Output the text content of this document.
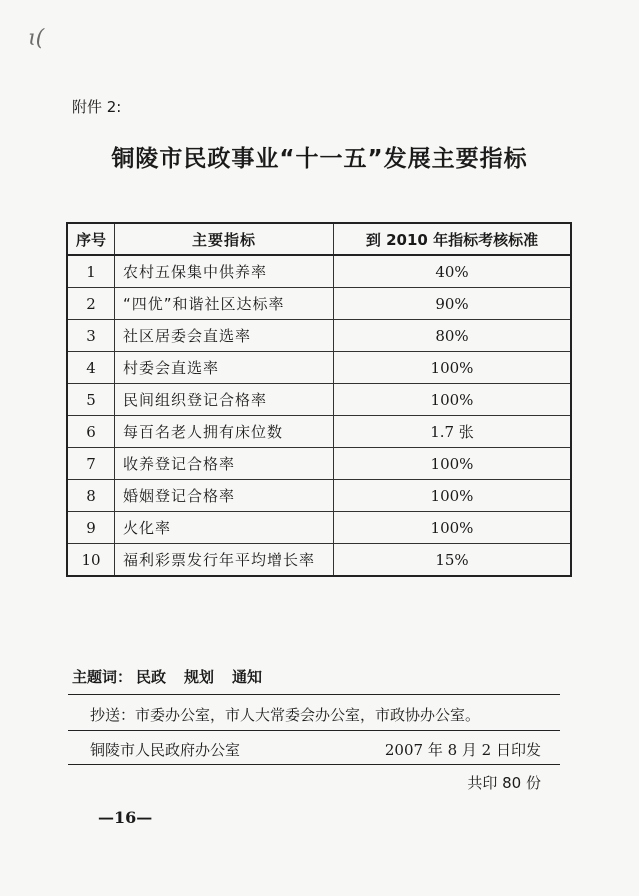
ɩ(
附件 2:
铜陵市民政事业“十一五”发展主要指标
序号	主要指标	到 2010 年指标考核标准
1	农村五保集中供养率	40%
2	“四优”和谐社区达标率	90%
3	社区居委会直选率	80%
4	村委会直选率	100%
5	民间组织登记合格率	100%
6	每百名老人拥有床位数	1.7 张
7	收养登记合格率	100%
8	婚姻登记合格率	100%
9	火化率	100%
10	福利彩票发行年平均增长率	15%
主题词： 民政 规划 通知
抄送：市委办公室，市人大常委会办公室，市政协办公室。
铜陵市人民政府办公室	2007 年 8 月 2 日印发
共印 80 份
—16—
